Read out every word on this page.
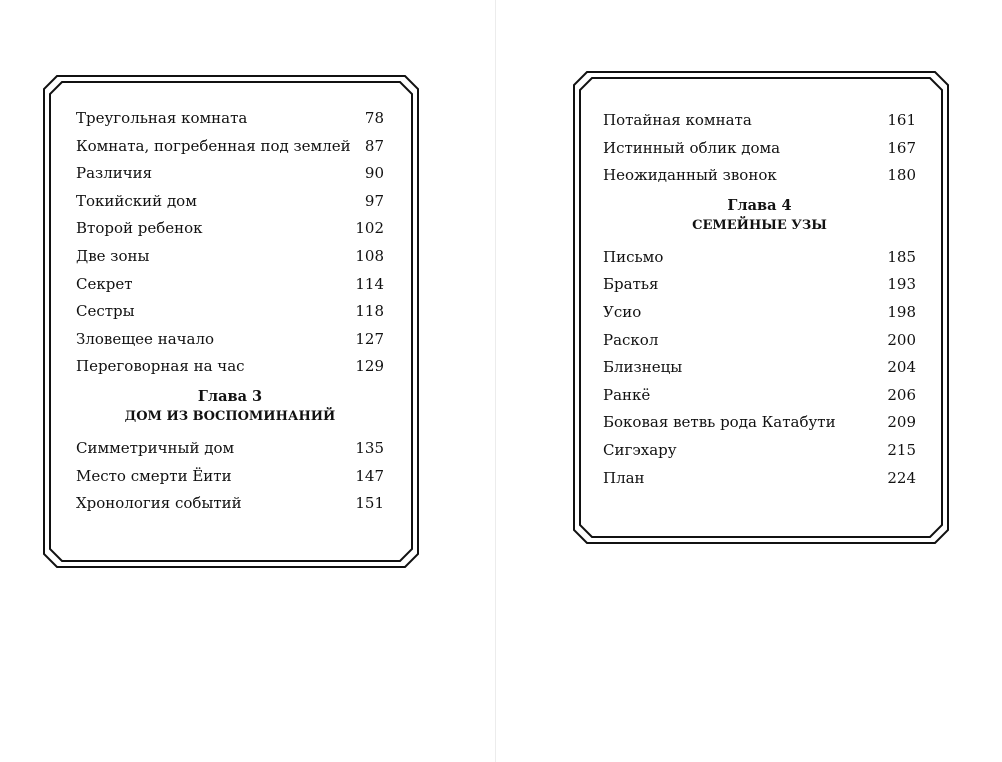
Треугольная комната	78
Комната, погребенная под землей 87
Различия	90
Токийский дом	97
Второй ребенок	102
Две зоны	108
Секрет	114
Сестры	118
Зловещее начало	127
Переговорная на час	129
Глава 3
ДОМ ИЗ ВОСПОМИНАНИЙ
Симметричный дом	135
Место смерти Ёити	147
Хронология событий	151
Потайная комната	161
Истинный облик дома	167
Неожиданный звонок	180
Глава 4
СЕМЕЙНЫЕ УЗЫ
Письмо	185
Братья	193
Усио	198
Раскол	200
Близнецы	204
Ранкё	206
Боковая ветвь рода Катабути	209
Сигэхару	215
План	224
